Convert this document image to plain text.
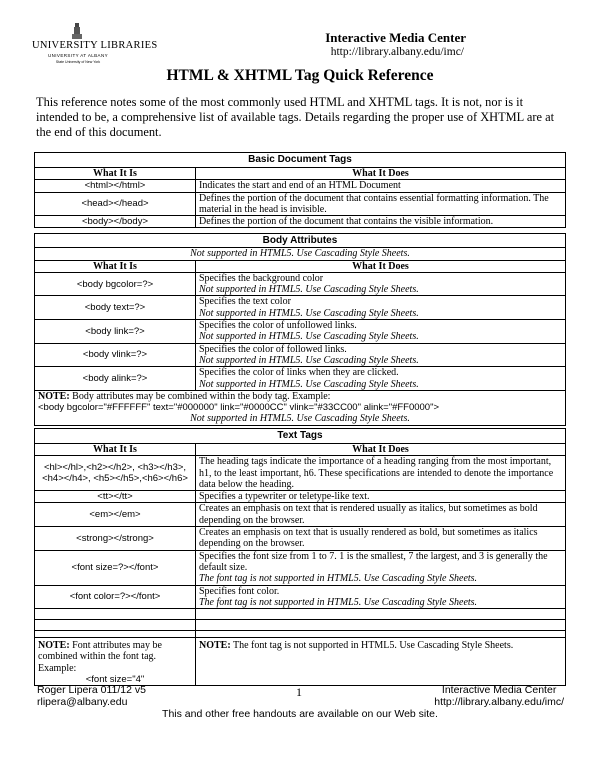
UNIVERSITY LIBRARIES
UNIVERSITY AT ALBANY
State University of New York
Interactive Media Center
http://library.albany.edu/imc/
HTML & XHTML Tag Quick Reference
This reference notes some of the most commonly used HTML and XHTML tags. It is not, nor is it intended to be, a comprehensive list of available tags. Details regarding the proper use of XHTML are at the end of this document.
Basic Document Tags	
What It Is	What It Does
<html></html>	Indicates the start and end of an HTML Document
<head></head>	Defines the portion of the document that contains essential formatting information. The material in the head is invisible.
<body></body>	Defines the portion of the document that contains the visible information.
Body Attributes	
Not supported in HTML5. Use Cascading Style Sheets.	
What It Is	What It Does
<body bgcolor=?>	Specifies the background color
Not supported in HTML5. Use Cascading Style Sheets.
<body text=?>	Specifies the text color
Not supported in HTML5. Use Cascading Style Sheets.
<body link=?>	Specifies the color of unfollowed links.
Not supported in HTML5. Use Cascading Style Sheets.
<body vlink=?>	Specifies the color of followed links.
Not supported in HTML5. Use Cascading Style Sheets.
<body alink=?>	Specifies the color of links when they are clicked.
Not supported in HTML5. Use Cascading Style Sheets.
NOTE: Body attributes may be combined within the body tag. Example:
<body bgcolor="#FFFFFF" text="#000000" link="#0000CC" vlink="#33CC00" alink="#FF0000">

Not supported in HTML5. Use Cascading Style Sheets.	
Text Tags	
What It Is	What It Does
<hl></hl>,<h2></h2>, <h3></h3>,<h4></h4>, <h5></h5>,<h6></h6>	The heading tags indicate the importance of a heading ranging from the most important, h1, to the least important, h6. These specifications are intended to denote the importance data below the heading.
<tt></tt>	Specifies a typewriter or teletype-like text.
<em></em>	Creates an emphasis on text that is rendered usually as italics, but sometimes as bold depending on the browser.
<strong></strong>	Creates an emphasis on text that is usually rendered as bold, but sometimes as italics depending on the browser.
<font size=?></font>	Specifies the font size from 1 to 7. 1 is the smallest, 7 the largest, and 3 is generally the default size.
The font tag is not supported in HTML5. Use Cascading Style Sheets.
<font color=?></font>	Specifies font color.
The font tag is not supported in HTML5. Use Cascading Style Sheets.

NOTE: Font attributes may be combined within the font tag. Example:

<font size="4"	NOTE: The font tag is not supported in HTML5. Use Cascading Style Sheets.
Roger Lipera 011/12 v5
rlipera@albany.edu
1	Interactive Media Center
http://library.albany.edu/imc/
This and other free handouts are available on our Web site.
